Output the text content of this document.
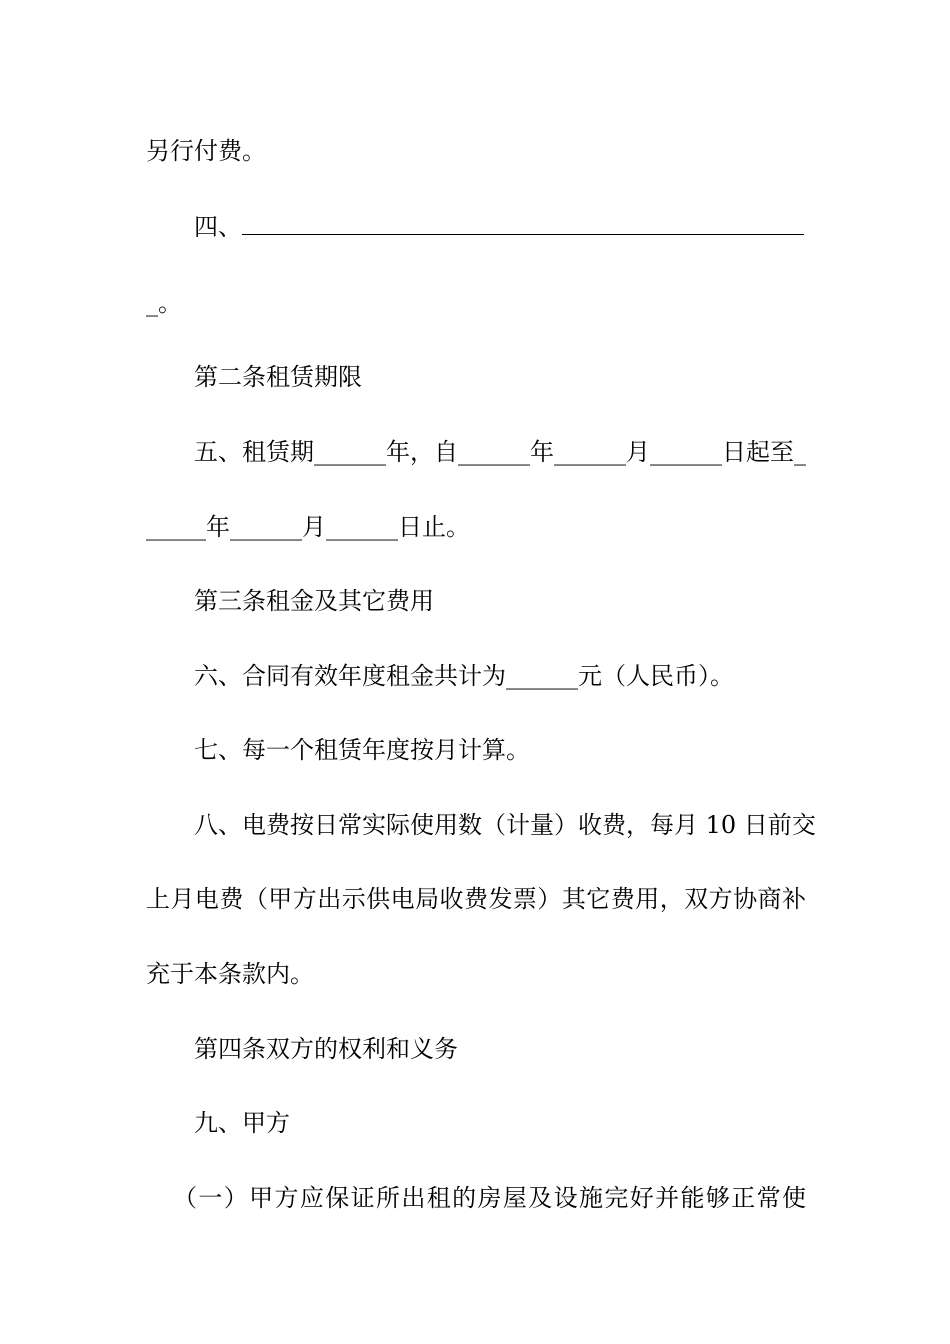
另行付费。
四、
_。
第二条租赁期限
五、租赁期______年，自______年______月______日起至_
_____年______月______日止。
第三条租金及其它费用
六、合同有效年度租金共计为______元（人民币）。
七、每一个租赁年度按月计算。
八、电费按日常实际使用数（计量）收费，每月 10 日前交
上月电费（甲方出示供电局收费发票）其它费用，双方协商补
充于本条款内。
第四条双方的权利和义务
九、甲方
（一）甲方应保证所出租的房屋及设施完好并能够正常使
